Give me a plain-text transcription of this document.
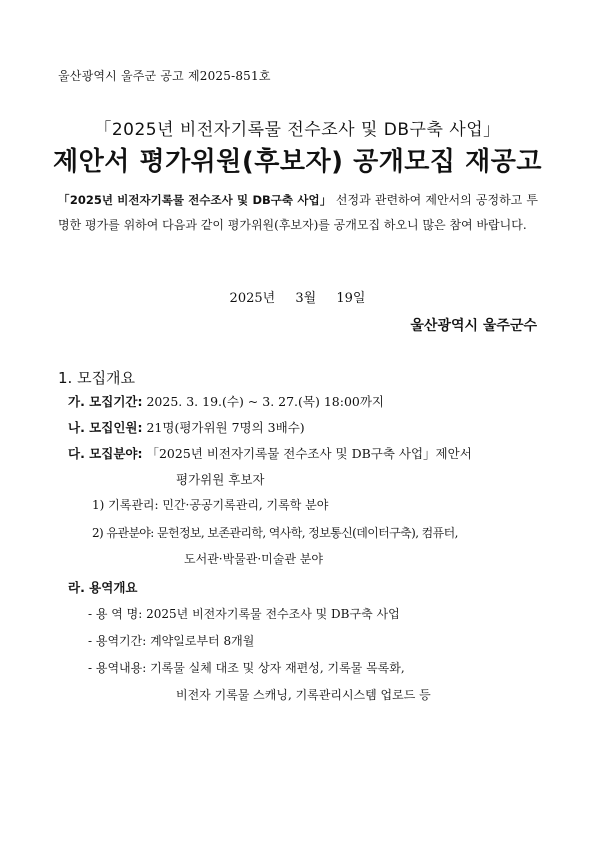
울산광역시 울주군 공고 제2025-851호
「2025년 비전자기록물 전수조사 및 DB구축 사업」
제안서 평가위원(후보자) 공개모집 재공고
「2025년 비전자기록물 전수조사 및 DB구축 사업」 선정과 관련하여 제안서의 공정하고 투명한 평가를 위하여 다음과 같이 평가위원(후보자)를 공개모집 하오니 많은 참여 바랍니다.
2025년 3월 19일
울산광역시 울주군수
1. 모집개요
가. 모집기간: 2025. 3. 19.(수) ~ 3. 27.(목) 18:00까지
나. 모집인원: 21명(평가위원 7명의 3배수)
다. 모집분야: 「2025년 비전자기록물 전수조사 및 DB구축 사업」제안서
평가위원 후보자
1) 기록관리: 민간·공공기록관리, 기록학 분야
2) 유관분야: 문헌정보, 보존관리학, 역사학, 정보통신(데이터구축), 컴퓨터,
도서관·박물관·미술관 분야
라. 용역개요
- 용 역 명: 2025년 비전자기록물 전수조사 및 DB구축 사업
- 용역기간: 계약일로부터 8개월
- 용역내용: 기록물 실체 대조 및 상자 재편성, 기록물 목록화,
비전자 기록물 스캐닝, 기록관리시스템 업로드 등
